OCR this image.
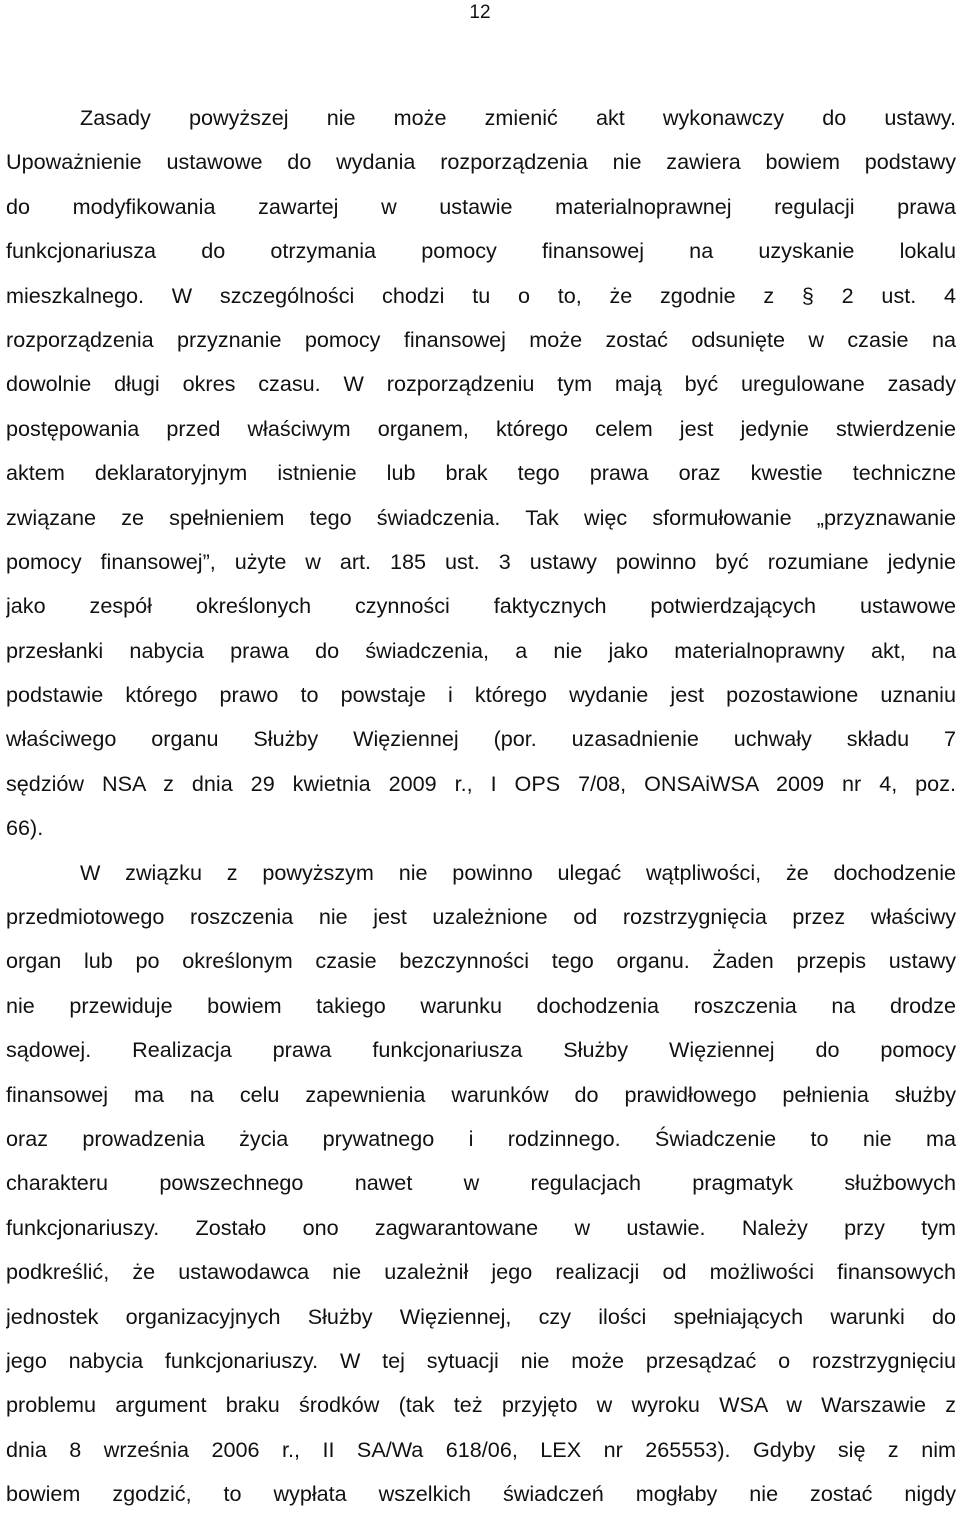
12
Zasady powyższej nie może zmienić akt wykonawczy do ustawy.
Upoważnienie ustawowe do wydania rozporządzenia nie zawiera bowiem podstawy
do modyfikowania zawartej w ustawie materialnoprawnej regulacji prawa
funkcjonariusza do otrzymania pomocy finansowej na uzyskanie lokalu
mieszkalnego. W szczególności chodzi tu o to, że zgodnie z § 2 ust. 4
rozporządzenia przyznanie pomocy finansowej może zostać odsunięte w czasie na
dowolnie długi okres czasu. W rozporządzeniu tym mają być uregulowane zasady
postępowania przed właściwym organem, którego celem jest jedynie stwierdzenie
aktem deklaratoryjnym istnienie lub brak tego prawa oraz kwestie techniczne
związane ze spełnieniem tego świadczenia. Tak więc sformułowanie „przyznawanie
pomocy finansowej”, użyte w art. 185 ust. 3 ustawy powinno być rozumiane jedynie
jako zespół określonych czynności faktycznych potwierdzających ustawowe
przesłanki nabycia prawa do świadczenia, a nie jako materialnoprawny akt, na
podstawie którego prawo to powstaje i którego wydanie jest pozostawione uznaniu
właściwego organu Służby Więziennej (por. uzasadnienie uchwały składu 7
sędziów NSA z dnia 29 kwietnia 2009 r., I OPS 7/08, ONSAiWSA 2009 nr 4, poz.
66).
W związku z powyższym nie powinno ulegać wątpliwości, że dochodzenie
przedmiotowego roszczenia nie jest uzależnione od rozstrzygnięcia przez właściwy
organ lub po określonym czasie bezczynności tego organu. Żaden przepis ustawy
nie przewiduje bowiem takiego warunku dochodzenia roszczenia na drodze
sądowej. Realizacja prawa funkcjonariusza Służby Więziennej do pomocy
finansowej ma na celu zapewnienia warunków do prawidłowego pełnienia służby
oraz prowadzenia życia prywatnego i rodzinnego. Świadczenie to nie ma
charakteru powszechnego nawet w regulacjach pragmatyk służbowych
funkcjonariuszy. Zostało ono zagwarantowane w ustawie. Należy przy tym
podkreślić, że ustawodawca nie uzależnił jego realizacji od możliwości finansowych
jednostek organizacyjnych Służby Więziennej, czy ilości spełniających warunki do
jego nabycia funkcjonariuszy. W tej sytuacji nie może przesądzać o rozstrzygnięciu
problemu argument braku środków (tak też przyjęto w wyroku WSA w Warszawie z
dnia 8 września 2006 r., II SA/Wa 618/06, LEX nr 265553). Gdyby się z nim
bowiem zgodzić, to wypłata wszelkich świadczeń mogłaby nie zostać nigdy
